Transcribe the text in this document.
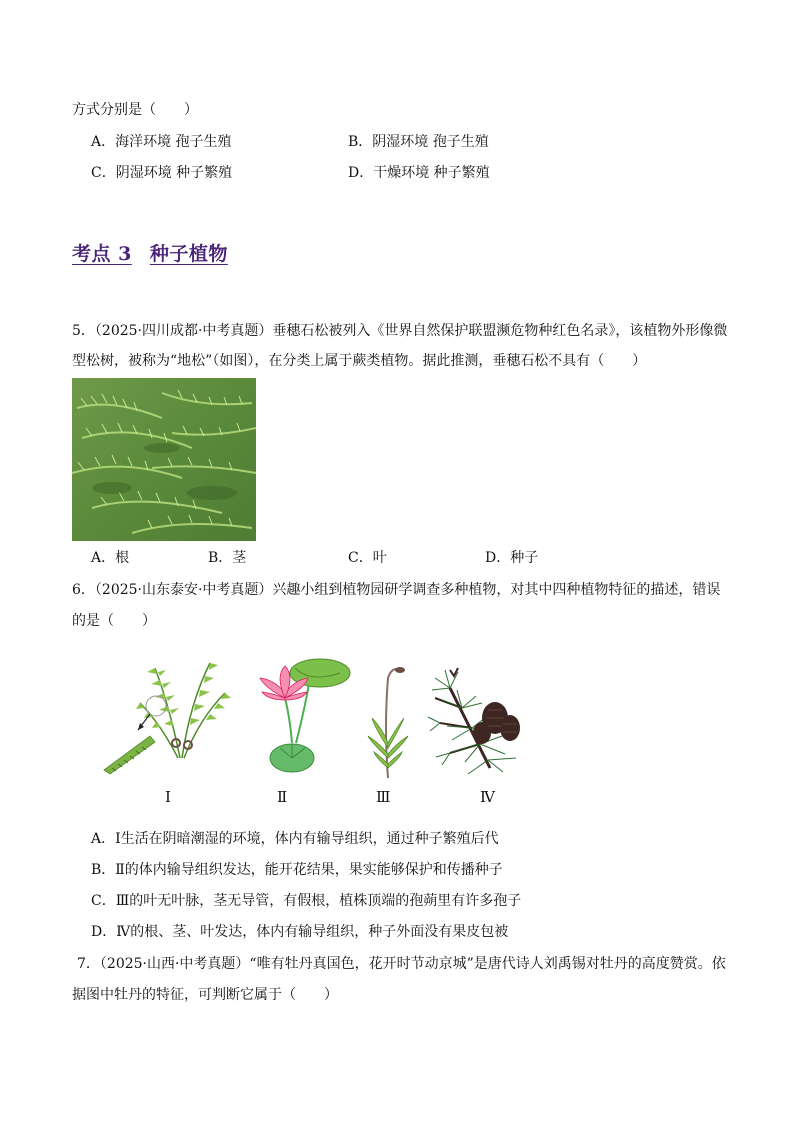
方式分别是（　　）
A．海洋环境 孢子生殖	B．阴湿环境 孢子生殖
C．阴湿环境 种子繁殖	D．干燥环境 种子繁殖
考点 3 种子植物
5．（2025·四川成都·中考真题）垂穗石松被列入《世界自然保护联盟濒危物种红色名录》，该植物外形像微
型松树，被称为“地松”（如图），在分类上属于蕨类植物。据此推测，垂穗石松不具有（　　）
A．根	B．茎	C．叶	D．种子
6．（2025·山东泰安·中考真题）兴趣小组到植物园研学调查多种植物，对其中四种植物特征的描述，错误
的是（　　）
Ⅰ	Ⅱ	Ⅲ	Ⅳ
A．Ⅰ生活在阴暗潮湿的环境，体内有输导组织，通过种子繁殖后代
B．Ⅱ的体内输导组织发达，能开花结果，果实能够保护和传播种子
C．Ⅲ的叶无叶脉，茎无导管，有假根，植株顶端的孢蒴里有许多孢子
D．Ⅳ的根、茎、叶发达，体内有输导组织，种子外面没有果皮包被
7．（2025·山西·中考真题）“唯有牡丹真国色，花开时节动京城”是唐代诗人刘禹锡对牡丹的高度赞赏。依
据图中牡丹的特征，可判断它属于（　　）
